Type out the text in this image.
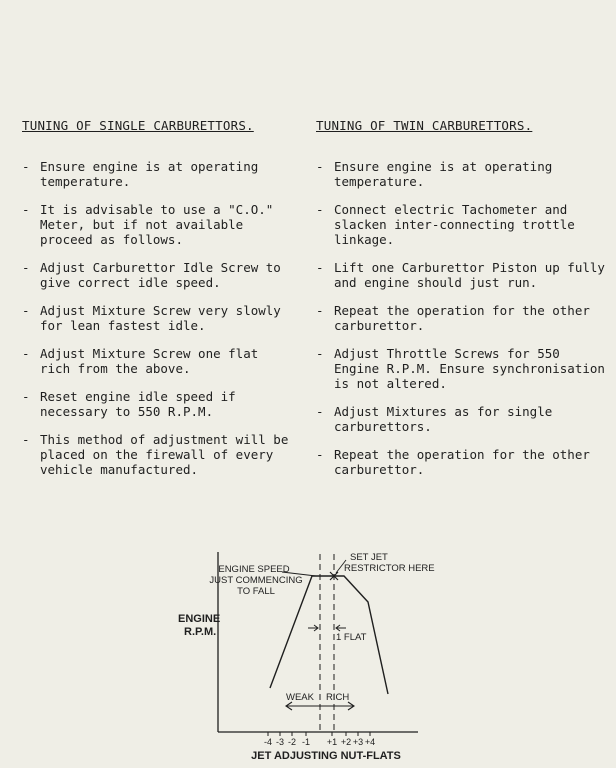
TUNING OF SINGLE CARBURETTORS.
- Ensure engine is at operating temperature.
- It is advisable to use a "C.O." Meter, but if not available proceed as follows.
- Adjust Carburettor Idle Screw to give correct idle speed.
- Adjust Mixture Screw very slowly for lean fastest idle.
- Adjust Mixture Screw one flat rich from the above.
- Reset engine idle speed if necessary to 550 R.P.M.
- This method of adjustment will be placed on the firewall of every vehicle manufactured.
TUNING OF TWIN CARBURETTORS.
- Ensure engine is at operating temperature.
- Connect electric Tachometer and slacken inter-connecting trottle linkage.
- Lift one Carburettor Piston up fully and engine should just run.
- Repeat the operation for the other carburettor.
- Adjust Throttle Screws for 550 Engine R.P.M. Ensure synchronisation is not altered.
- Adjust Mixtures as for single carburettors.
- Repeat the operation for the other carburettor.
ENGINE
R.P.M.
ENGINE SPEED
JUST COMMENCING
TO FALL
SET JET
RESTRICTOR HERE
1 FLAT
WEAK RICH
-4 -3 -2 -1 +1 +2 +3 +4
JET ADJUSTING NUT-FLATS
